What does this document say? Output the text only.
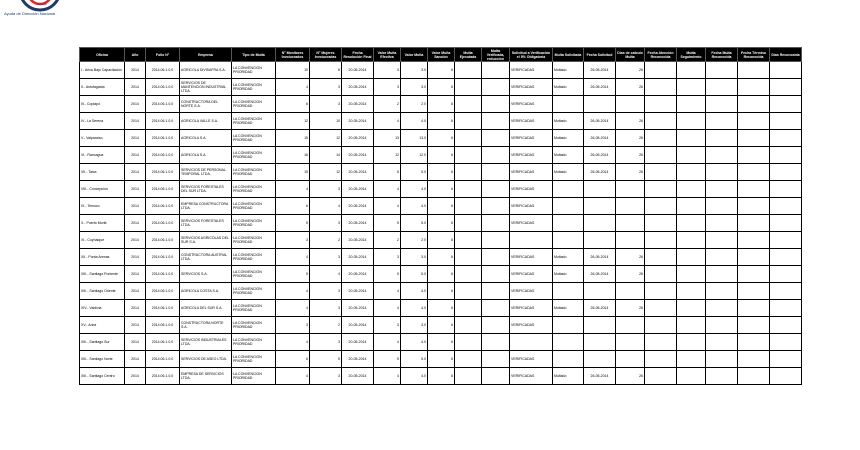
Trabajo
Ayuda de Dirección Nacional
Oficina	Año	Folio N°	Empresa	Tipo de Multa	N° Monitores Involucrados	N° Mujeres Involucradas	Fecha Resolución Final	Valor Multa Efectiva	Valor Multa	Valor Multa Sanción	Multa Ejecutada	Multa Verificada, reducción	Solicitud a Verificación el 5% Obligatoria	Multa Solicitada	Fecha Solicitud	Días de calculo Multa	Fecha Atención Reconocida	Multa Seguimiento	Fecha Multa Reconocida	Fecha Término Reconocida	Días Reconocida
I.- Arica Bajo Capacitación	2014	2014.06.1.0.0	AGRICOLA DIVISAFRA S.A.	LA CONVENCION PRIORIDAD	10	8	20-05-2014	3	3.0	6			VERIFICADAS	Multado	26-05-2014	26					
II.- Antofagasta	2014	2014.06.1.0.0	SERVICIOS DE MANTENCION INDUSTRIAL LTDA.	LA CONVENCION PRIORIDAD	4	3	20-05-2014	3	3.0	6			VERIFICADAS	Multado	26-05-2014	26					
III.- Copiapó	2014	2014.06.1.0.0	CONSTRUCTORA DEL NORTE S.A.	LA CONVENCION PRIORIDAD	6	3	20-05-2014	2	2.0	6			VERIFICADAS								
IV.- La Serena	2014	2014.06.1.0.0	AGRICOLA VALLE S.A.	LA CONVENCION PRIORIDAD	12	10	20-05-2014	4	4.0	6			VERIFICADAS	Multado	26-05-2014	26					
V.- Valparaíso	2014	2014.06.1.0.0	AGRICOLA S.A.	LA CONVENCION PRIORIDAD	15	12	20-05-2014	13	13.0	6			VERIFICADAS	Multado	26-05-2014	26					
VI.- Rancagua	2014	2014.06.1.0.0	AGRICOLA S.A.	LA CONVENCION PRIORIDAD	16	14	20-05-2014	12	12.0	6			VERIFICADAS	Multado	26-05-2014	26					
VII.- Talca	2014	2014.06.1.0.0	SERVICIOS DE PERSONAL TEMPORAL LTDA.	LA CONVENCION PRIORIDAD	15	12	20-05-2014	5	5.0	6			VERIFICADAS	Multado	26-05-2014	26					
VIII.- Concepción	2014	2014.06.1.0.0	SERVICIOS FORESTALES DEL SUR LTDA.	LA CONVENCION PRIORIDAD	4	3	20-05-2014	4	4.0	6			VERIFICADAS								
IX.- Temuco	2014	2014.06.1.0.0	EMPRESA CONSTRUCTORA LTDA.	LA CONVENCION PRIORIDAD	6	4	20-05-2014	4	4.0	6			VERIFICADAS								
X.- Puerto Montt	2014	2014.06.1.0.0	SERVICIOS FORESTALES LTDA.	LA CONVENCION PRIORIDAD	5	3	20-05-2014	5	5.0	6			VERIFICADAS								
XI.- Coyhaique	2014	2014.06.1.0.0	SERVICIOS AGRICOLAS DEL SUR S.A.	LA CONVENCION PRIORIDAD	3	2	20-05-2014	2	2.0	6											
XII.- Punta Arenas	2014	2014.06.1.0.0	CONSTRUCTORA AUSTRAL LTDA.	LA CONVENCION PRIORIDAD	4	3	20-05-2014	3	3.0	6			VERIFICADAS	Multado	26-05-2014	26					
XIII.- Santiago Poniente	2014	2014.06.1.0.0	SERVICIOS S.A.	LA CONVENCION PRIORIDAD	5	4	20-05-2014	5	5.0	6			VERIFICADAS	Multado	26-05-2014	26					
XIII.- Santiago Oriente	2014	2014.06.1.0.0	AGRICOLA COSTA S.A.	LA CONVENCION PRIORIDAD	4	3	20-05-2014	4	4.0	6			VERIFICADAS								
XIV.- Valdivia	2014	2014.06.1.0.0	AGRICOLA DEL SUR S.A.	LA CONVENCION PRIORIDAD	4	3	20-05-2014	4	4.0	6			VERIFICADAS	Multado	26-05-2014	26					
XV.- Arica	2014	2014.06.1.0.0	CONSTRUCTORA NORTE S.A.	LA CONVENCION PRIORIDAD	3	2	20-05-2014	3	3.0	6			VERIFICADAS								
XIII.- Santiago Sur	2014	2014.06.1.0.0	SERVICIOS INDUSTRIALES LTDA.	LA CONVENCION PRIORIDAD	4	3	20-05-2014	4	4.0	6											
XIII.- Santiago Norte	2014	2014.06.1.0.0	SERVICIOS DE ASEO LTDA.	LA CONVENCION PRIORIDAD	6	5	20-05-2014	5	5.0	6			VERIFICADAS								
XIII.- Santiago Centro	2014	2014.06.1.0.0	EMPRESA DE SERVICIOS LTDA.	LA CONVENCION PRIORIDAD	4	3	20-05-2014	4	4.0	6			VERIFICADAS	Multado	26-05-2014	26					
